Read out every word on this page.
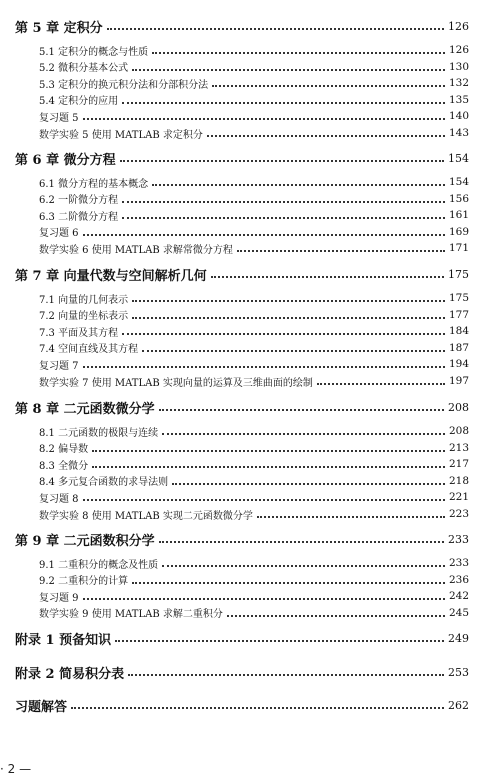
第 5 章 定积分	126
5.1 定积分的概念与性质	126
5.2 微积分基本公式	130
5.3 定积分的换元积分法和分部积分法	132
5.4 定积分的应用	135
复习题 5	140
数学实验 5 使用 MATLAB 求定积分	143
第 6 章 微分方程	154
6.1 微分方程的基本概念	154
6.2 一阶微分方程	156
6.3 二阶微分方程	161
复习题 6	169
数学实验 6 使用 MATLAB 求解常微分方程	171
第 7 章 向量代数与空间解析几何	175
7.1 向量的几何表示	175
7.2 向量的坐标表示	177
7.3 平面及其方程	184
7.4 空间直线及其方程	187
复习题 7	194
数学实验 7 使用 MATLAB 实现向量的运算及三维曲面的绘制	197
第 8 章 二元函数微分学	208
8.1 二元函数的极限与连续	208
8.2 偏导数	213
8.3 全微分	217
8.4 多元复合函数的求导法则	218
复习题 8	221
数学实验 8 使用 MATLAB 实现二元函数微分学	223
第 9 章 二元函数积分学	233
9.1 二重积分的概念及性质	233
9.2 二重积分的计算	236
复习题 9	242
数学实验 9 使用 MATLAB 求解二重积分	245
附录 1 预备知识	249
附录 2 简易积分表	253
习题解答	262
· 2 —
